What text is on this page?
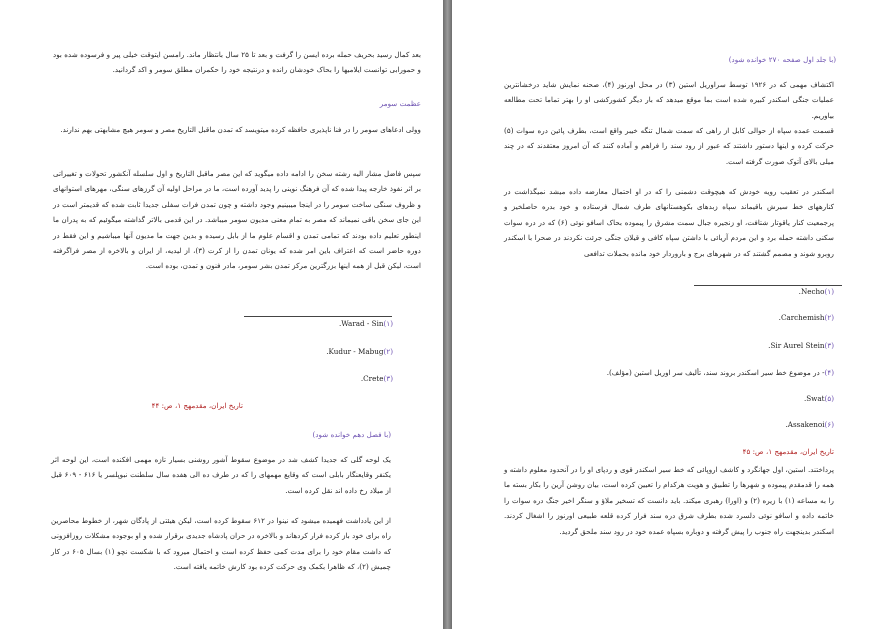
(با جلد اول صفحه ۲۷۰ خوانده شود)
اکتشاف مهمی که در ۱۹۲۶ توسط سراوریل استین (۳) در محل اورنوز (۴)، صحنه نمایش شاید درخشانترین عملیات جنگی اسکندر کبیره شده است بما موقع میدهد که بار دیگر کشورکشی او را بهتر تماما تحت مطالعه بیاوریم.
قسمت عمده سپاه از حوالی کابل از راهی که سمت شمال تنگه خیبر واقع است، بطرف پائین دره سوات (۵) حرکت کرده و اینها دستور داشتند که عبور از رود سند را فراهم و آماده کنند که آن امروز معتقدند که در چند میلی بالای آتوک صورت گرفته است.
اسکندر در تعقیب رویه خودش که هیچوقت دشمنی را که در او احتمال معارضه داده میشد نمیگذاشت در کنارههای خط سیرش باقیماند سپاه زبدهای بکوهستانهای طرف شمال فرستاده و خود بدره حاصلخیز و پرجمعیت کنار یاقوتار شتافت، او زنجیره جبال سمت مشرق را پیموده بحاک اسافو نوئی (۶) که در دره سوات سکنی داشته حمله برد و این مردم آریائی با داشتن سپاه کافی و قیلان جنگی جرئت نکردند در صحرا با اسکندر روبرو شوند و مصمم گشتند که در شهرهای برج و باروردار خود مانده بحملات تدافعی
(۱)Necho.
(۲)Carchemish.
(۳)Sir Aurel Stein.
(۴)- در موضوع خط سیر اسکندر بروند سند، تألیف سر اوریل استین (مؤلف).
(۵)Swat.
(۶)Assakenoi.
تاریخ ایران، مقدمهج ۱، ص: ۴۵
پرداختند. استین، اول جهانگرد و کاشف اروپائی که خط سیر اسکندر قوی و ردپای او را در آنحدود معلوم داشته و همه را قدمقدم پیموده و شهرها را تطبیق و هویت هرکدام را تعیین کرده است، بیان روشن آرین را بکار بسته ما را به مساعه (۱) با زیره (۲) و (اورا) رهبری میکند. باید دانست که تسخیر ملاؤ و سنگر اخیر جنگ دره سوات را خاتمه داده و اسافو نوئی دلسرد شده بطرف شرق دره سند فرار کرده قلعه طبیعی اورنوز را اشغال کردند. اسکندر بدینجهت راه جنوب را پیش گرفته و دوباره بسپاه عمده خود در رود سند ملحق گردید.
بعد کمال رسید بحریف حمله برده ایسن را گرفت و بعد تا ۲۵ سال بانتظار ماند. رامسن ایتوقت خیلی پیر و فرسوده شده بود و حمورابی توانست ایلامیها را بحاک خودشان رانده و درنتیجه خود را حکمران مطلق سومر و اکد گردانید.
عظمت سومر
وولی ادعاهای سومر را در فنا ناپذیری حافظه کرده میتویسد که تمدن ماقبل التاریخ مصر و سومر هیچ مشابهتی بهم ندارند.
سپس فاضل مشار الیه رشته سخن را ادامه داده میگوید که این مصر ماقبل التاریخ و اول سلسله آنکشور تحولات و تغییراتی بر اثر نفوذ خارجه پیدا شده که آن فرهنگ نوینی را پدید آورده است، ما در مراحل اولیه آن گرزهای سنگی، مهرهای استوانهای و ظروف سنگی ساخت سومر را در اینجا میبینیم وجود داشته و چون تمدن فرات سفلی جدیدا ثابت شده که قدیمتر است در این جای سخن باقی نمیماند که مصر به تمام معنی مدیون سومر میباشد. در این قدمی بالاتر گذاشته میگوئیم که به پدران ما اینطور تعلیم داده بودند که تمامی تمدن و اقسام علوم ما از بابل رسیده و بدین جهت ما مدیون آنها میباشیم و این فقط در دوره حاضر است که اعتراف باین امر شده که یونان تمدن را از کرت (۳)، از لیدیه، از ایران و بالاخره از مصر فراگرفته است، لیکن قبل از همه اینها بزرگترین مرکز تمدن بشر سومر، مادر فنون و تمدن، بوده است.
(۱)Warad - Sin.
(۲)Kudur - Mabug.
(۳)Crete.
تاریخ ایران، مقدمهج ۱، ص: ۴۴
(با فصل دهم خوانده شود)
یک لوحه گلی که جدیدا کشف شد در موضوع سقوط آشور روشنی بسیار تازه مهمی افکنده است، این لوحه اثر یکنفر وقایعنگار بابلی است که وقایع مهمهای را که در طرف ده الی هفده سال سلطنت نبوپلسر یا ۶۱۶ - ۶۰۹ قبل از میلاد رخ داده اند نقل کرده است.
از این یادداشت فهمیده میشود که نینوا در ۶۱۲ سقوط کرده است، لیکن هیئتی از پادگان شهر، از خطوط محاصرین راه برای خود باز کرده فرار کردهاند و بالاخره در حران پادشاه جدیدی برقرار شده و او بوجوده مشکلات روزافزونی که داشت مقام خود را برای مدت کمی حفظ کرده است و احتمال میرود که با شکست نچو (۱) بسال ۶۰۵ در کار چمیش (۲)، که ظاهرا بکمک وی حرکت کرده بود کارش خاتمه یافته است.
